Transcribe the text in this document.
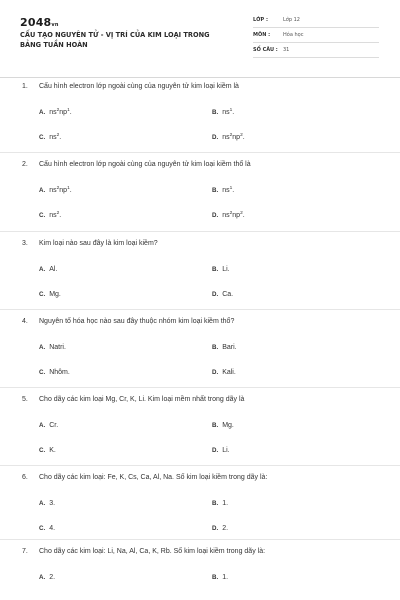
2048vn
CẤU TẠO NGUYÊN TỬ - VỊ TRÍ CỦA KIM LOẠI TRONG BẢNG TUẦN HOÀN
LỚP :	Lớp 12
MÔN :	Hóa học
SỐ CÂU : 31
1. Cấu hình electron lớp ngoài cùng của nguyên tử kim loại kiềm là
A. $ns^2np^1$.	B. $ns^1$.
C. $ns^2$.	D. $ns^2np^2$.
2. Cấu hình electron lớp ngoài cùng của nguyên tử kim loại kiềm thổ là
A. $ns^2np^1$.	B. $ns^1$.
C. $ns^2$.	D. $ns^2np^2$.
3. Kim loại nào sau đây là kim loại kiềm?
A. Al.	B. Li.
C. Mg.	D. Ca.
4. Nguyên tố hóa học nào sau đây thuộc nhóm kim loại kiềm thổ?
A. Natri.	B. Bari.
C. Nhôm.	D. Kali.
5. Cho dãy các kim loại Mg, Cr, K, Li. Kim loại mềm nhất trong dãy là
A. Cr.	B. Mg.
C. K.	D. Li.
6. Cho dãy các kim loại: Fe, K, Cs, Ca, Al, Na. Số kim loại kiềm trong dãy là:
A. 3.	B. 1.
C. 4.	D. 2.
7. Cho dãy các kim loại: Li, Na, Al, Ca, K, Rb. Số kim loại kiềm trong dãy là:
A. 2.	B. 1.
